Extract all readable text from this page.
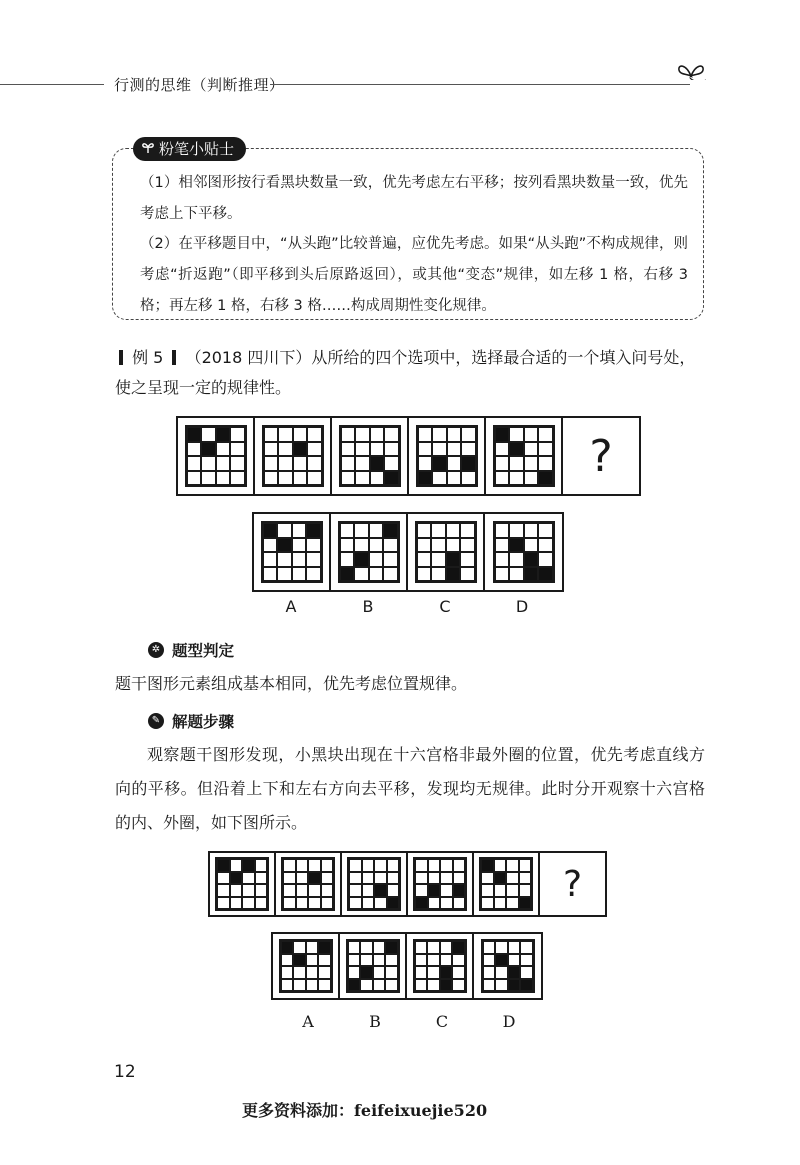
行测的思维（判断推理）
粉笔小贴士
（1）相邻图形按行看黑块数量一致，优先考虑左右平移；按列看黑块数量一致，优先考虑上下平移。
（2）在平移题目中，“从头跑”比较普遍，应优先考虑。如果“从头跑”不构成规律，则考虑“折返跑”（即平移到头后原路返回），或其他“变态”规律，如左移 1 格，右移 3 格；再左移 1 格，右移 3 格……构成周期性变化规律。
例 5 （2018 四川下）从所给的四个选项中，选择最合适的一个填入问号处，使之呈现一定的规律性。
?
A	B	C	D
✲ 题型判定
题干图形元素组成基本相同，优先考虑位置规律。
✎ 解题步骤
观察题干图形发现，小黑块出现在十六宫格非最外圈的位置，优先考虑直线方向的平移。但沿着上下和左右方向去平移，发现均无规律。此时分开观察十六宫格的内、外圈，如下图所示。
?
A	B	C	D
12
更多资料添加：feifeixuejie520
